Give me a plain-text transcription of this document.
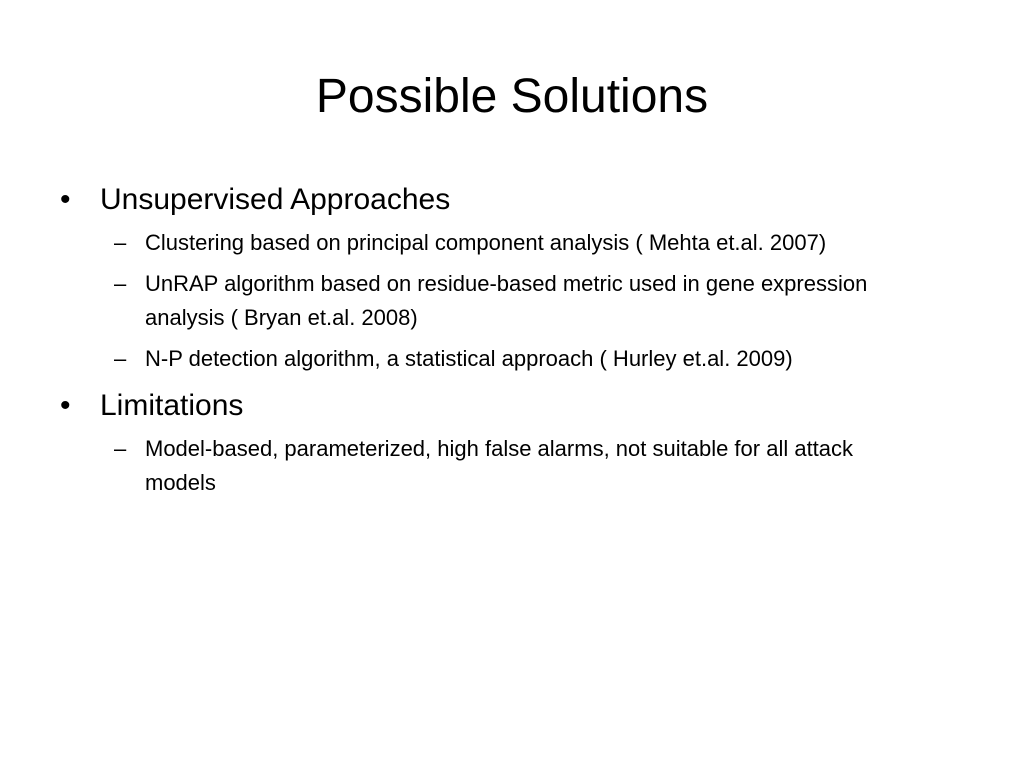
Possible Solutions
• Unsupervised Approaches
– Clustering based on principal component analysis ( Mehta et.al. 2007)
– UnRAP algorithm based on residue-based metric used in gene expression analysis ( Bryan et.al. 2008)
– N-P detection algorithm, a statistical approach ( Hurley et.al. 2009)
• Limitations
– Model-based, parameterized, high false alarms, not suitable for all attack models
